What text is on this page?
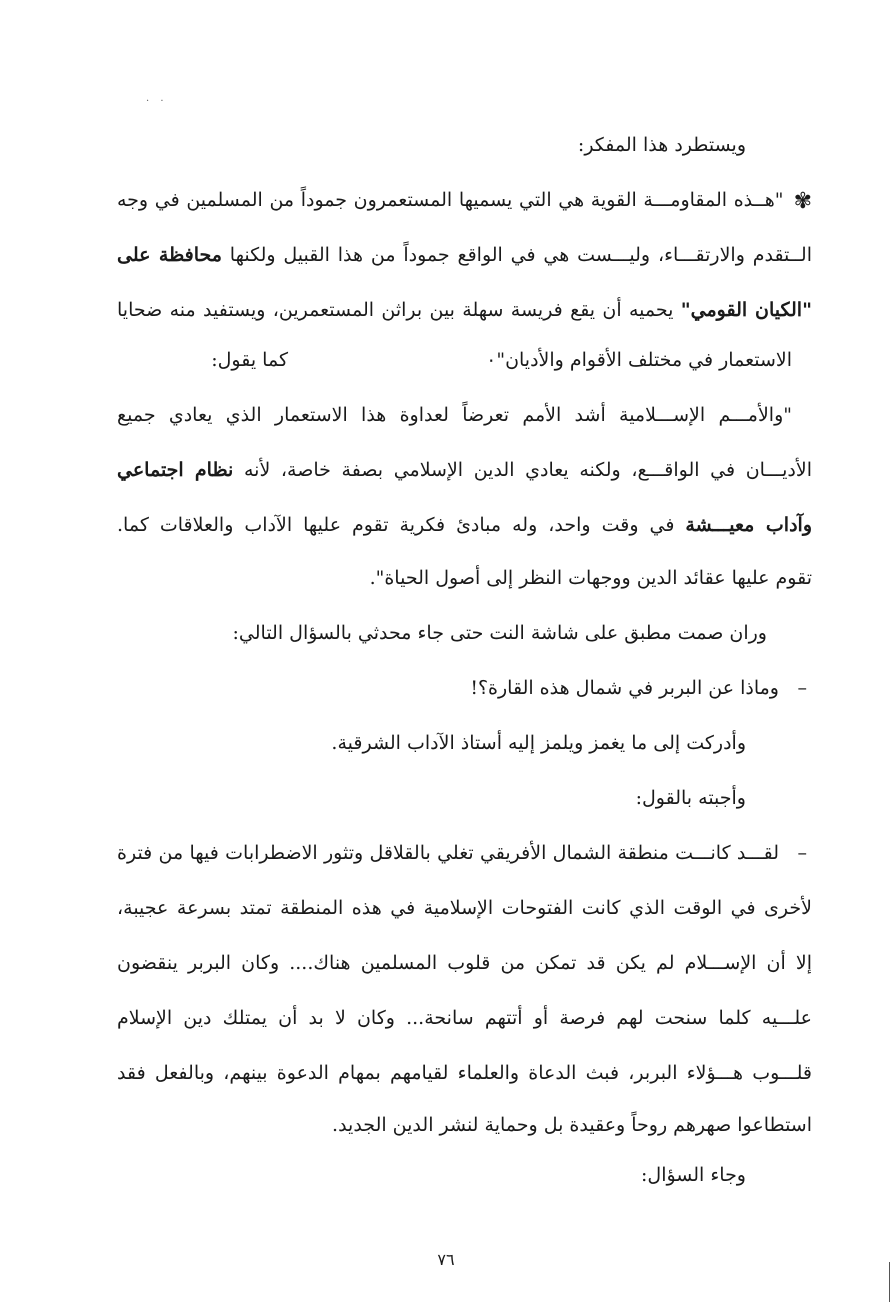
· ·
ويستطرد هذا المفكر:
✾"هــذه المقاومـــة القوية هي التي يسميها المستعمرون جموداً من المسلمين في وجه
الــتقدم والارتقـــاء، وليـــست هي في الواقع جموداً من هذا القبيل ولكنها محافظة على
"الكيان القومي" يحميه أن يقع فريسة سهلة بين براثن المستعمرين، ويستفيد منه ضحايا
الاستعمار في مختلف الأقوام والأديان"٠
كما يقول:
"والأمـــم الإســـلامية أشد الأمم تعرضاً لعداوة هذا الاستعمار الذي يعادي جميع
الأديـــان في الواقـــع، ولكنه يعادي الدين الإسلامي بصفة خاصة، لأنه نظام اجتماعي
وآداب معيـــشة في وقت واحد، وله مبادئ فكرية تقوم عليها الآداب والعلاقات كما.
تقوم عليها عقائد الدين ووجهات النظر إلى أصول الحياة".
وران صمت مطبق على شاشة النت حتى جاء محدثي بالسؤال التالي:
–وماذا عن البربر في شمال هذه القارة؟!
وأدركت إلى ما يغمز ويلمز إليه أستاذ الآداب الشرقية.
وأجبته بالقول:
–لقـــد كانـــت منطقة الشمال الأفريقي تغلي بالقلاقل وتثور الاضطرابات فيها من فترة
لأخرى في الوقت الذي كانت الفتوحات الإسلامية في هذه المنطقة تمتد بسرعة عجيبة،
إلا أن الإســـلام لم يكن قد تمكن من قلوب المسلمين هناك.... وكان البربر ينقضون
علـــيه كلما سنحت لهم فرصة أو أتتهم سانحة... وكان لا بد أن يمتلك دين الإسلام
قلـــوب هـــؤلاء البربر، فبث الدعاة والعلماء لقيامهم بمهام الدعوة بينهم، وبالفعل فقد
استطاعوا صهرهم روحاً وعقيدة بل وحماية لنشر الدين الجديد.
وجاء السؤال:
٧٦
